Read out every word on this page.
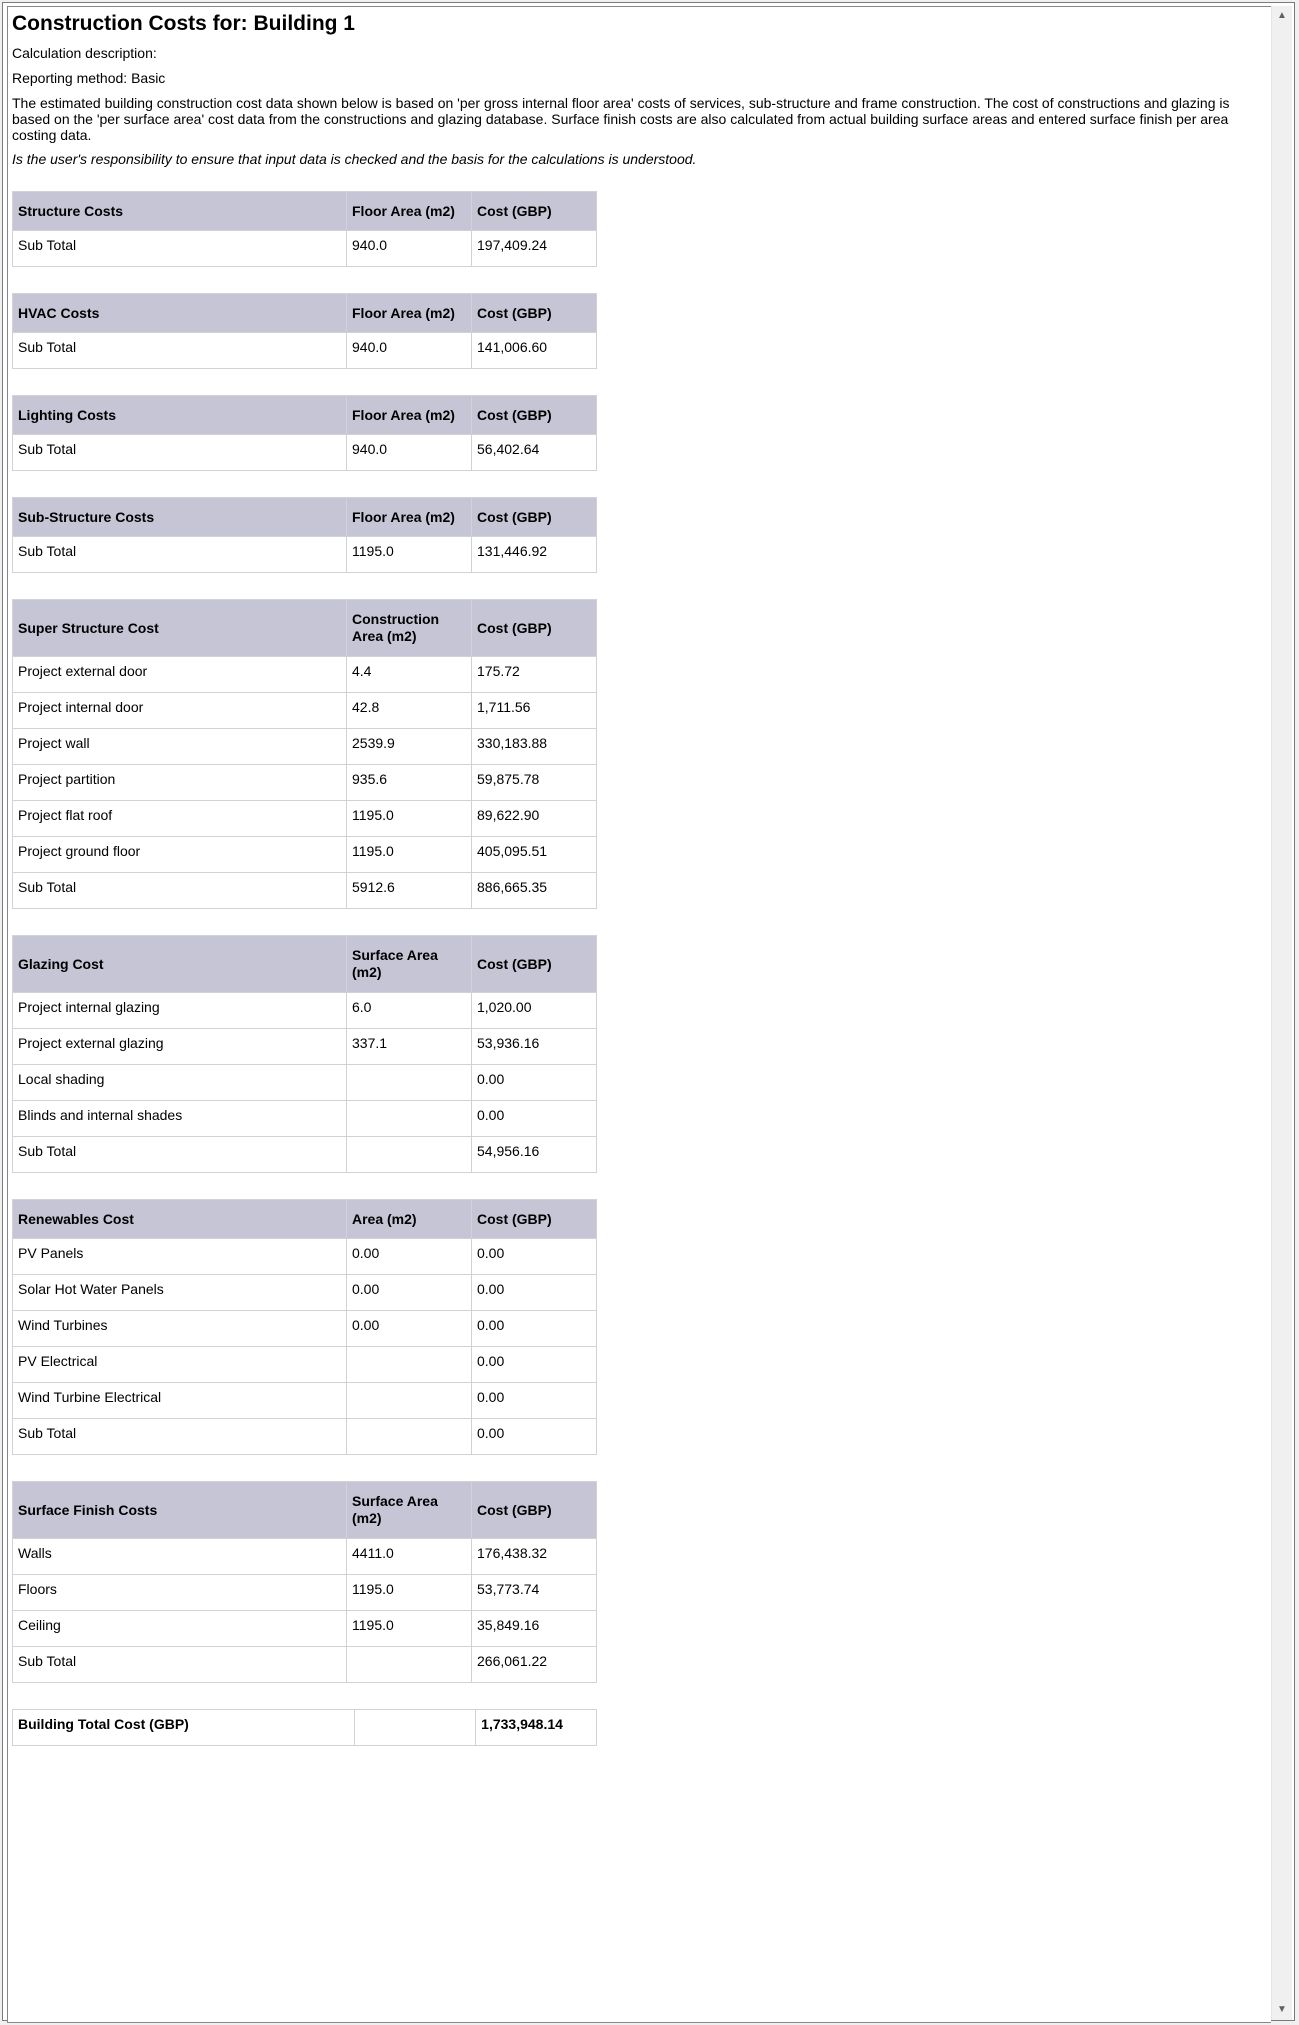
Construction Costs for: Building 1

Calculation description:

Reporting method: Basic

The estimated building construction cost data shown below is based on 'per gross internal floor area' costs of services, sub-structure and frame construction. The cost of constructions and glazing is based on the 'per surface area' cost data from the constructions and glazing database. Surface finish costs are also calculated from actual building surface areas and entered surface finish per area costing data.

Is the user's responsibility to ensure that input data is checked and the basis for the calculations is understood.

Structure Costs	Floor Area (m2)	Cost (GBP)
Sub Total	940.0	197,409.24
HVAC Costs	Floor Area (m2)	Cost (GBP)
Sub Total	940.0	141,006.60
Lighting Costs	Floor Area (m2)	Cost (GBP)
Sub Total	940.0	56,402.64
Sub-Structure Costs	Floor Area (m2)	Cost (GBP)
Sub Total	1195.0	131,446.92
Super Structure Cost	Construction Area (m2)	Cost (GBP)
Project external door	4.4	175.72
Project internal door	42.8	1,711.56
Project wall	2539.9	330,183.88
Project partition	935.6	59,875.78
Project flat roof	1195.0	89,622.90
Project ground floor	1195.0	405,095.51
Sub Total	5912.6	886,665.35
Glazing Cost	Surface Area (m2)	Cost (GBP)
Project internal glazing	6.0	1,020.00
Project external glazing	337.1	53,936.16
Local shading		0.00
Blinds and internal shades		0.00
Sub Total		54,956.16
Renewables Cost	Area (m2)	Cost (GBP)
PV Panels	0.00	0.00
Solar Hot Water Panels	0.00	0.00
Wind Turbines	0.00	0.00
PV Electrical		0.00
Wind Turbine Electrical		0.00
Sub Total		0.00
Surface Finish Costs	Surface Area (m2)	Cost (GBP)
Walls	4411.0	176,438.32
Floors	1195.0	53,773.74
Ceiling	1195.0	35,849.16
Sub Total		266,061.22
Building Total Cost (GBP)		1,733,948.14
▲
▼
